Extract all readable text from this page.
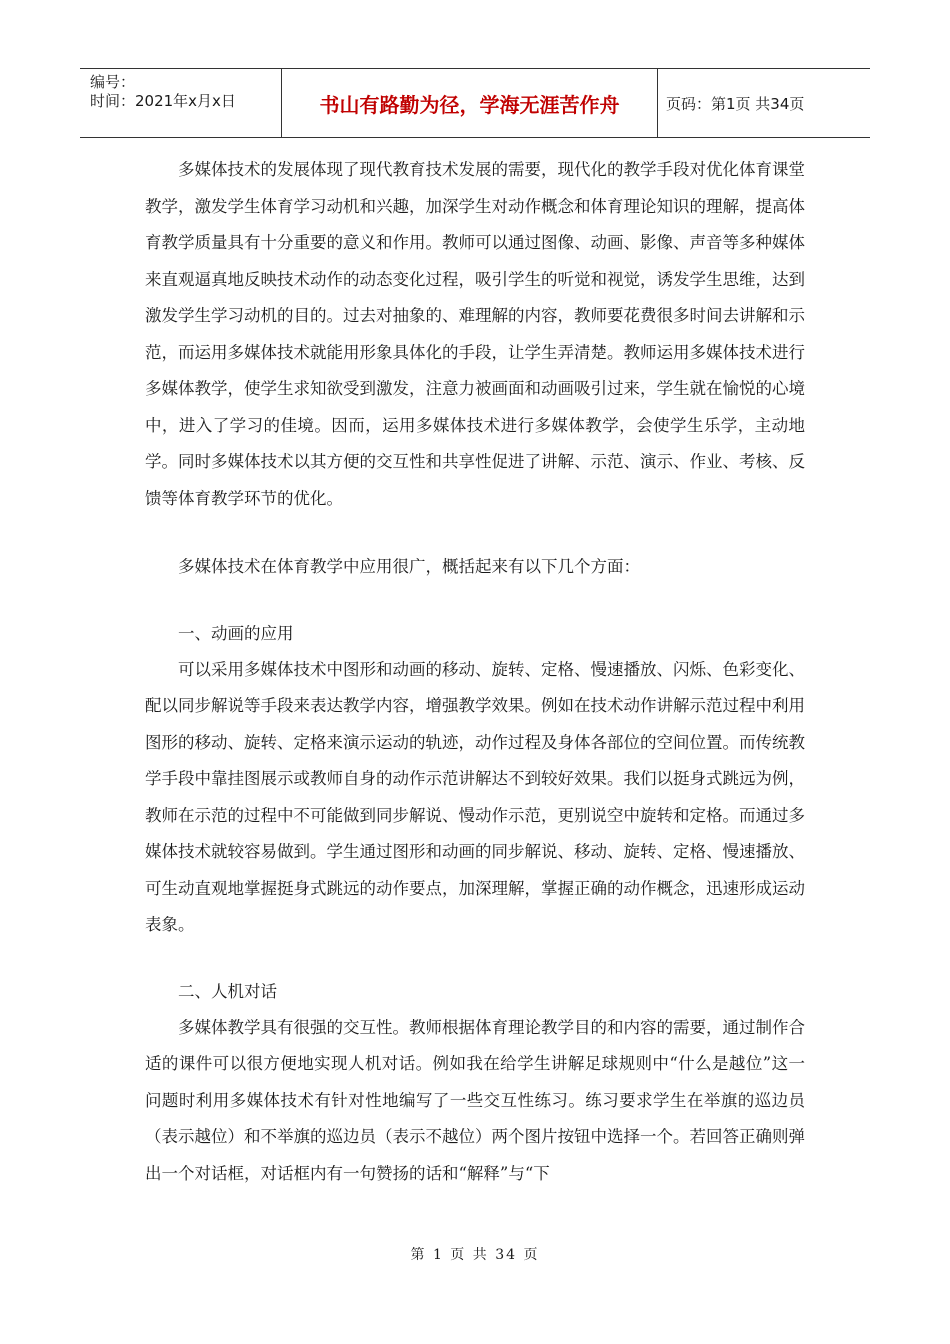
编号：
时间：2021年x月x日	书山有路勤为径，学海无涯苦作舟	页码：第1页 共34页

多媒体技术的发展体现了现代教育技术发展的需要，现代化的教学手段对优化体育课堂教学，激发学生体育学习动机和兴趣，加深学生对动作概念和体育理论知识的理解，提高体育教学质量具有十分重要的意义和作用。教师可以通过图像、动画、影像、声音等多种媒体来直观逼真地反映技术动作的动态变化过程，吸引学生的听觉和视觉，诱发学生思维，达到激发学生学习动机的目的。过去对抽象的、难理解的内容，教师要花费很多时间去讲解和示范，而运用多媒体技术就能用形象具体化的手段，让学生弄清楚。教师运用多媒体技术进行多媒体教学，使学生求知欲受到激发，注意力被画面和动画吸引过来，学生就在愉悦的心境中，进入了学习的佳境。因而，运用多媒体技术进行多媒体教学，会使学生乐学，主动地学。同时多媒体技术以其方便的交互性和共享性促进了讲解、示范、演示、作业、考核、反馈等体育教学环节的优化。

多媒体技术在体育教学中应用很广，概括起来有以下几个方面：

一、动画的应用

可以采用多媒体技术中图形和动画的移动、旋转、定格、慢速播放、闪烁、色彩变化、配以同步解说等手段来表达教学内容，增强教学效果。例如在技术动作讲解示范过程中利用图形的移动、旋转、定格来演示运动的轨迹，动作过程及身体各部位的空间位置。而传统教学手段中靠挂图展示或教师自身的动作示范讲解达不到较好效果。我们以挺身式跳远为例，教师在示范的过程中不可能做到同步解说、慢动作示范，更别说空中旋转和定格。而通过多媒体技术就较容易做到。学生通过图形和动画的同步解说、移动、旋转、定格、慢速播放、可生动直观地掌握挺身式跳远的动作要点，加深理解，掌握正确的动作概念，迅速形成运动表象。

二、人机对话

多媒体教学具有很强的交互性。教师根据体育理论教学目的和内容的需要，通过制作合适的课件可以很方便地实现人机对话。例如我在给学生讲解足球规则中“什么是越位”这一问题时利用多媒体技术有针对性地编写了一些交互性练习。练习要求学生在举旗的巡边员（表示越位）和不举旗的巡边员（表示不越位）两个图片按钮中选择一个。若回答正确则弹出一个对话框，对话框内有一句赞扬的话和“解释”与“下

第 1 页 共 34 页
